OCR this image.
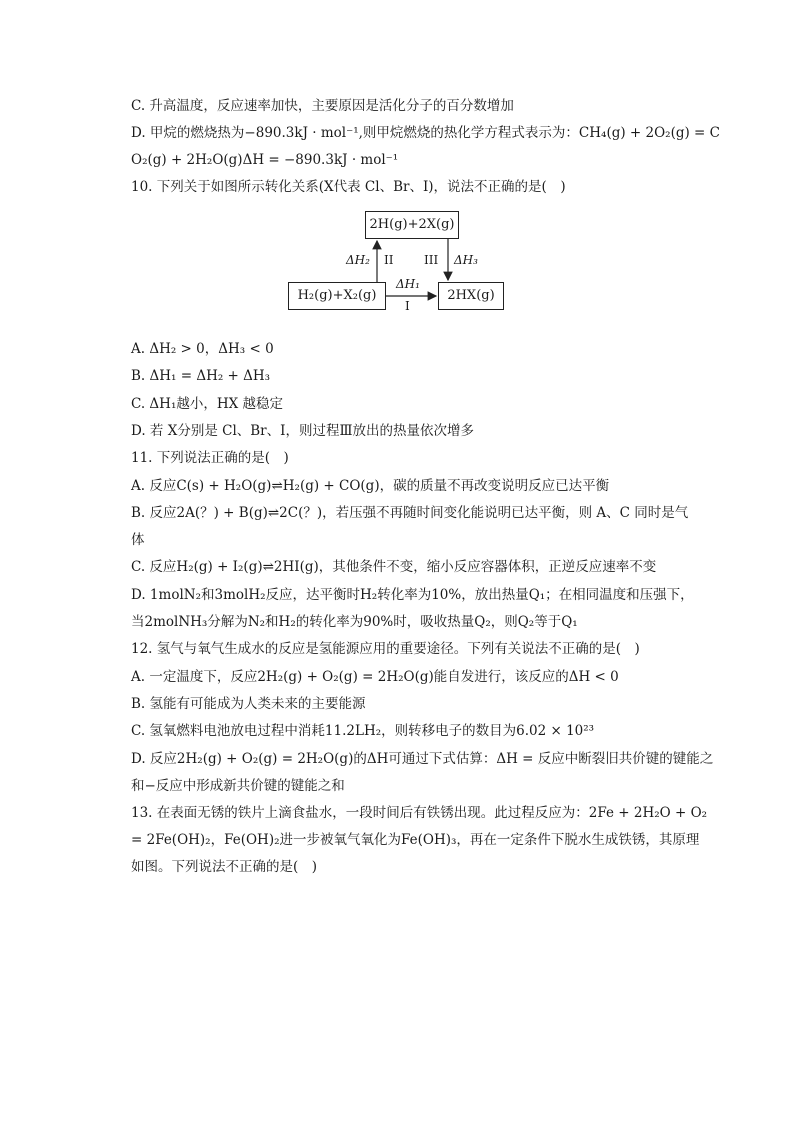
C. 升高温度，反应速率加快，主要原因是活化分子的百分数增加
D. 甲烷的燃烧热为−890.3kJ · mol⁻¹,则甲烷燃烧的热化学方程式表示为：CH₄(g) + 2O₂(g) = C
O₂(g) + 2H₂O(g)ΔH = −890.3kJ · mol⁻¹
10. 下列关于如图所示转化关系(X代表 Cl、Br、I)，说法不正确的是(　)
2H(g)+2X(g)
H₂(g)+X₂(g)	2HX(g)
ΔH₂ II	III ΔH₃
ΔH₁
I
A. ΔH₂ > 0，ΔH₃ < 0
B. ΔH₁ = ΔH₂ + ΔH₃
C. ΔH₁越小，HX 越稳定
D. 若 X分别是 Cl、Br、I，则过程Ⅲ放出的热量依次增多
11. 下列说法正确的是(　)
A. 反应C(s) + H₂O(g)⇌H₂(g) + CO(g)，碳的质量不再改变说明反应已达平衡
B. 反应2A(？) + B(g)⇌2C(？)，若压强不再随时间变化能说明已达平衡，则 A、C 同时是气
体
C. 反应H₂(g) + I₂(g)⇌2HI(g)，其他条件不变，缩小反应容器体积，正逆反应速率不变
D. 1molN₂和3molH₂反应，达平衡时H₂转化率为10%，放出热量Q₁；在相同温度和压强下，
当2molNH₃分解为N₂和H₂的转化率为90%时，吸收热量Q₂，则Q₂等于Q₁
12. 氢气与氧气生成水的反应是氢能源应用的重要途径。下列有关说法不正确的是(　)
A. 一定温度下，反应2H₂(g) + O₂(g) = 2H₂O(g)能自发进行，该反应的ΔH < 0
B. 氢能有可能成为人类未来的主要能源
C. 氢氧燃料电池放电过程中消耗11.2LH₂，则转移电子的数目为6.02 × 10²³
D. 反应2H₂(g) + O₂(g) = 2H₂O(g)的ΔH可通过下式估算：ΔH = 反应中断裂旧共价键的键能之
和−反应中形成新共价键的键能之和
13. 在表面无锈的铁片上滴食盐水，一段时间后有铁锈出现。此过程反应为：2Fe + 2H₂O + O₂
= 2Fe(OH)₂，Fe(OH)₂进一步被氧气氧化为Fe(OH)₃，再在一定条件下脱水生成铁锈，其原理
如图。下列说法不正确的是(　)
